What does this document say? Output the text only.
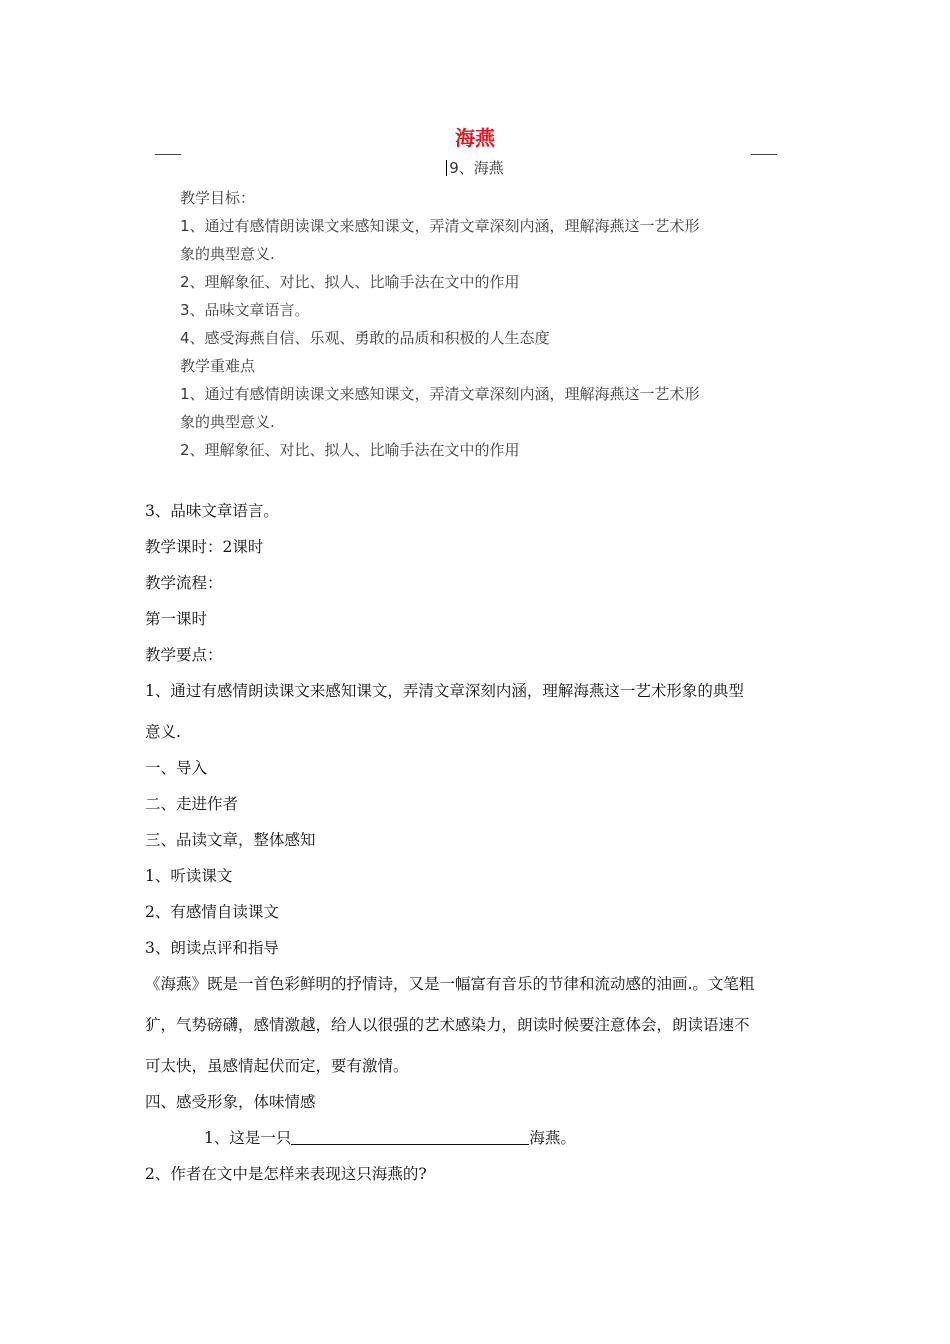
海燕
9、海燕
教学目标：
1、通过有感情朗读课文来感知课文，弄清文章深刻内涵，理解海燕这一艺术形
象的典型意义.
2、理解象征、对比、拟人、比喻手法在文中的作用
3、品味文章语言。
4、感受海燕自信、乐观、勇敢的品质和积极的人生态度
教学重难点
1、通过有感情朗读课文来感知课文，弄清文章深刻内涵，理解海燕这一艺术形
象的典型意义.
2、理解象征、对比、拟人、比喻手法在文中的作用
3、品味文章语言。
教学课时：2课时
教学流程：
第一课时
教学要点：
1、通过有感情朗读课文来感知课文，弄清文章深刻内涵，理解海燕这一艺术形象的典型
意义.
一、导入
二、走进作者
三、品读文章，整体感知
1、听读课文
2、有感情自读课文
3、朗读点评和指导
《海燕》既是一首色彩鲜明的抒情诗，又是一幅富有音乐的节律和流动感的油画.。文笔粗
犷，气势磅礴，感情激越，给人以很强的艺术感染力，朗读时候要注意体会，朗读语速不
可太快，虽感情起伏而定，要有激情。
四、感受形象，体味情感
1、这是一只	海燕。
2、作者在文中是怎样来表现这只海燕的?
